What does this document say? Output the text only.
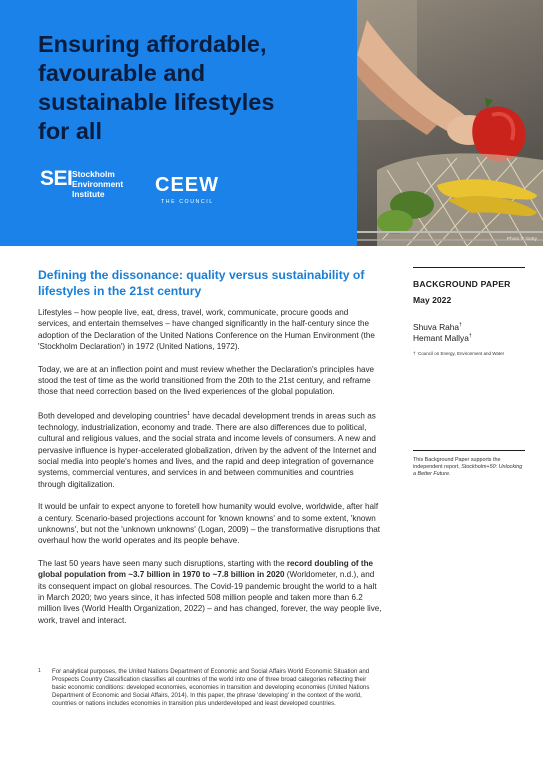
Ensuring affordable,
favourable and
sustainable lifestyles
for all
SEI Stockholm
Environment
Institute	CEEW
THE COUNCIL
Photo © Getty
Defining the dissonance: quality versus sustainability of lifestyles in the 21st century

Lifestyles – how people live, eat, dress, travel, work, communicate, procure goods and services, and entertain themselves – have changed significantly in the half-century since the adoption of the Declaration of the United Nations Conference on the Human Environment (the 'Stockholm Declaration') in 1972 (United Nations, 1972).

Today, we are at an inflection point and must review whether the Declaration's principles have stood the test of time as the world transitioned from the 20th to the 21st century, and reframe those that need correction based on the lived experiences of the global population.

Both developed and developing countries$^1$ have decadal development trends in areas such as technology, industrialization, economy and trade. There are also differences due to political, cultural and religious values, and the social strata and income levels of consumers. A new and pervasive influence is hyper-accelerated globalization, driven by the advent of the Internet and social media into people's homes and lives, and the rapid and deep integration of governance systems, commercial ventures, and services in and between communities and countries through digitalization.

It would be unfair to expect anyone to foretell how humanity would evolve, worldwide, after half a century. Scenario-based projections account for 'known knowns' and to some extent, 'known unknowns', but not the 'unknown unknowns' (Logan, 2009) – the transformative disruptions that overhaul how the world operates and its people behave.

The last 50 years have seen many such disruptions, starting with the record doubling of the global population from ~3.7 billion in 1970 to ~7.8 billion in 2020 (Worldometer, n.d.), and its consequent impact on global resources. The Covid-19 pandemic brought the world to a halt in March 2020; two years since, it has infected 508 million people and taken more than 6.2 million lives (World Health Organization, 2022) – and has changed, forever, the way people live, work, travel and interact.

1 For analytical purposes, the United Nations Department of Economic and Social Affairs World Economic Situation and Prospects Country Classification classifies all countries of the world into one of three broad categories reflecting their basic economic conditions: developed economies, economies in transition and developing economies (United Nations Department of Economic and Social Affairs, 2014). In this paper, the phrase 'developing' in the context of the world, countries or nations includes economies in transition plus underdeveloped and least developed countries.

BACKGROUND PAPER
May 2022
Shuva Raha†
Hemant Mallya†
† Council on Energy, Environment and Water

This Background Paper supports the independent report, Stockholm+50: Unlocking a Better Future.
